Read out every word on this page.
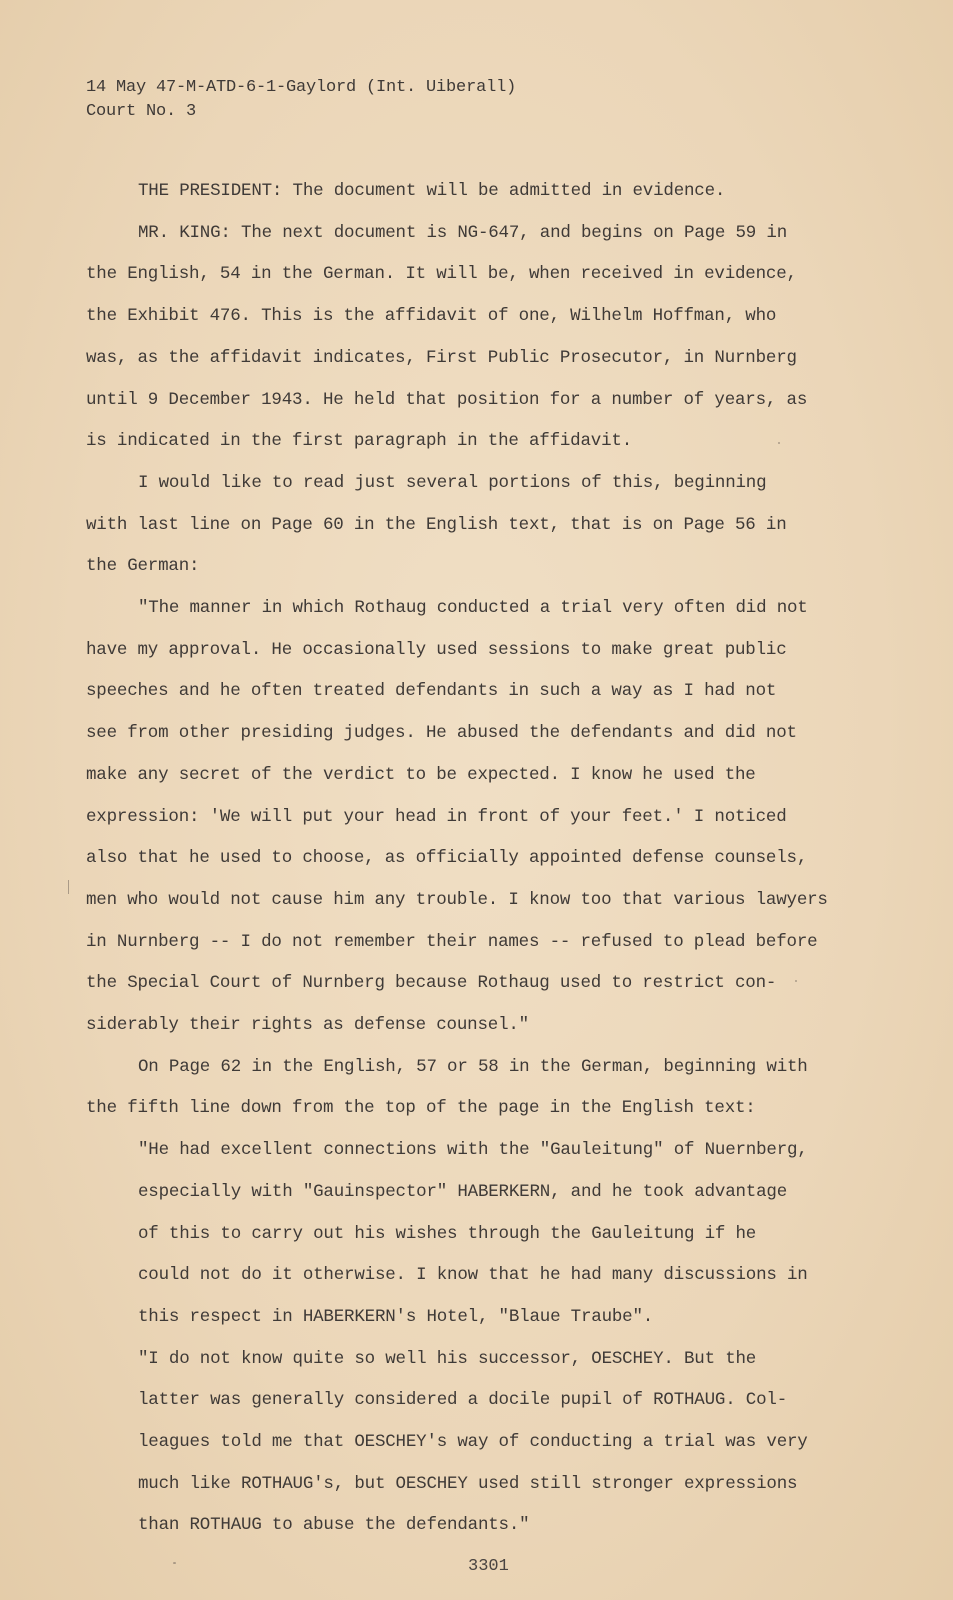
14 May 47-M-ATD-6-1-Gaylord (Int. Uiberall)

Court No. 3

THE PRESIDENT: The document will be admitted in evidence.

MR. KING: The next document is NG-647, and begins on Page 59 in

the English, 54 in the German. It will be, when received in evidence,

the Exhibit 476. This is the affidavit of one, Wilhelm Hoffman, who

was, as the affidavit indicates, First Public Prosecutor, in Nurnberg

until 9 December 1943. He held that position for a number of years, as

is indicated in the first paragraph in the affidavit.

I would like to read just several portions of this, beginning

with last line on Page 60 in the English text, that is on Page 56 in

the German:

"The manner in which Rothaug conducted a trial very often did not

have my approval. He occasionally used sessions to make great public

speeches and he often treated defendants in such a way as I had not

see from other presiding judges. He abused the defendants and did not

make any secret of the verdict to be expected. I know he used the

expression: 'We will put your head in front of your feet.' I noticed

also that he used to choose, as officially appointed defense counsels,

men who would not cause him any trouble. I know too that various lawyers

in Nurnberg -- I do not remember their names -- refused to plead before

the Special Court of Nurnberg because Rothaug used to restrict con-

siderably their rights as defense counsel."

On Page 62 in the English, 57 or 58 in the German, beginning with

the fifth line down from the top of the page in the English text:

"He had excellent connections with the "Gauleitung" of Nuernberg,

especially with "Gauinspector" HABERKERN, and he took advantage

of this to carry out his wishes through the Gauleitung if he

could not do it otherwise. I know that he had many discussions in

this respect in HABERKERN's Hotel, "Blaue Traube".

"I do not know quite so well his successor, OESCHEY. But the

latter was generally considered a docile pupil of ROTHAUG. Col-

leagues told me that OESCHEY's way of conducting a trial was very

much like ROTHAUG's, but OESCHEY used still stronger expressions

than ROTHAUG to abuse the defendants."

3301
